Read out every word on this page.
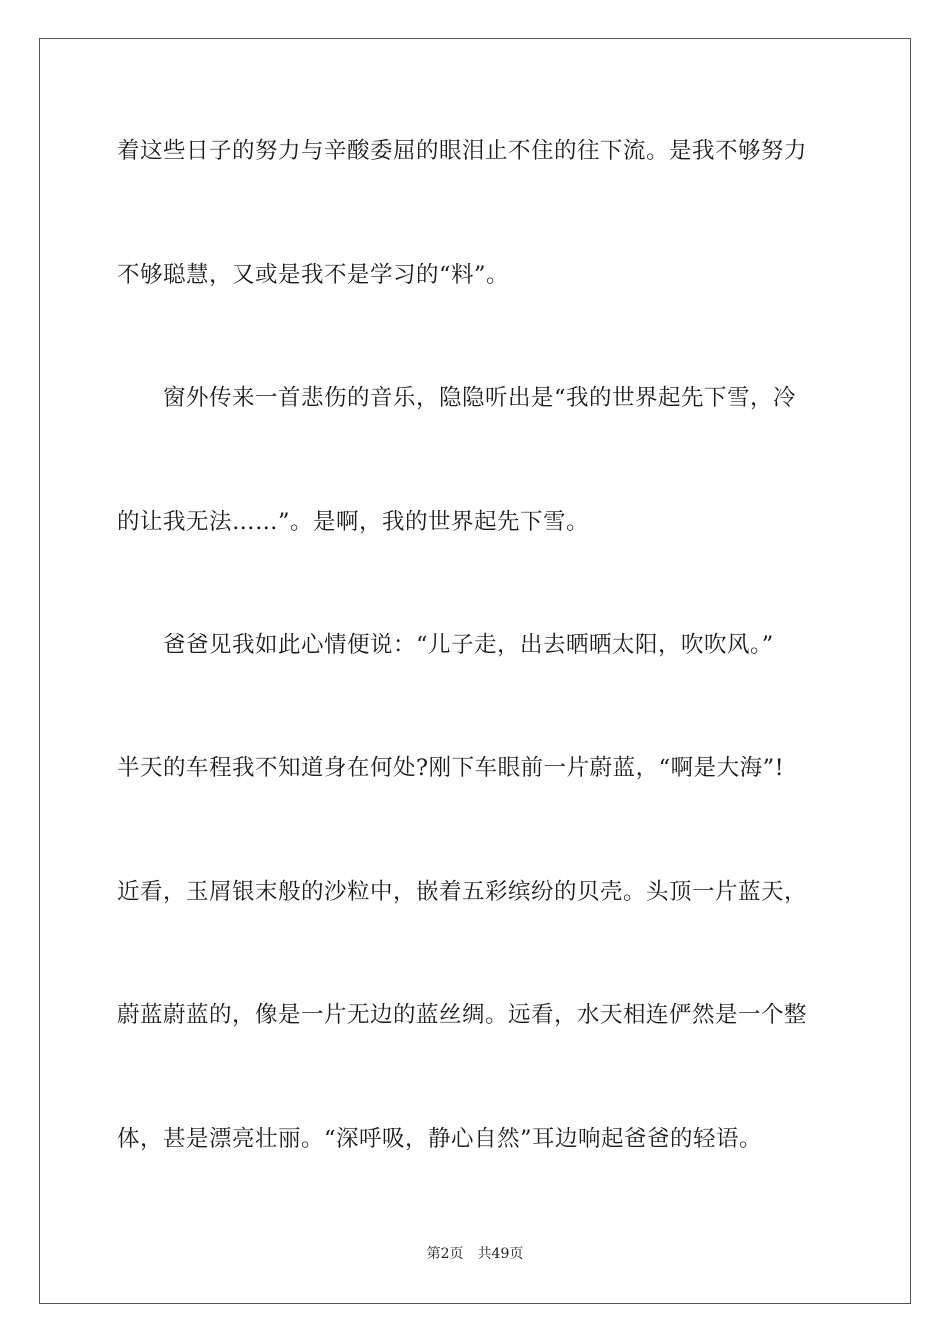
着这些日子的努力与辛酸委屈的眼泪止不住的往下流。是我不够努力
不够聪慧，又或是我不是学习的“料”。
　　窗外传来一首悲伤的音乐，隐隐听出是“我的世界起先下雪，冷
的让我无法……”。是啊，我的世界起先下雪。
　　爸爸见我如此心情便说：“儿子走，出去晒晒太阳，吹吹风。”
半天的车程我不知道身在何处?刚下车眼前一片蔚蓝，“啊是大海”!
近看，玉屑银末般的沙粒中，嵌着五彩缤纷的贝壳。头顶一片蓝天，
蔚蓝蔚蓝的，像是一片无边的蓝丝绸。远看，水天相连俨然是一个整
体，甚是漂亮壮丽。“深呼吸，静心自然”耳边响起爸爸的轻语。
第2页 共49页
